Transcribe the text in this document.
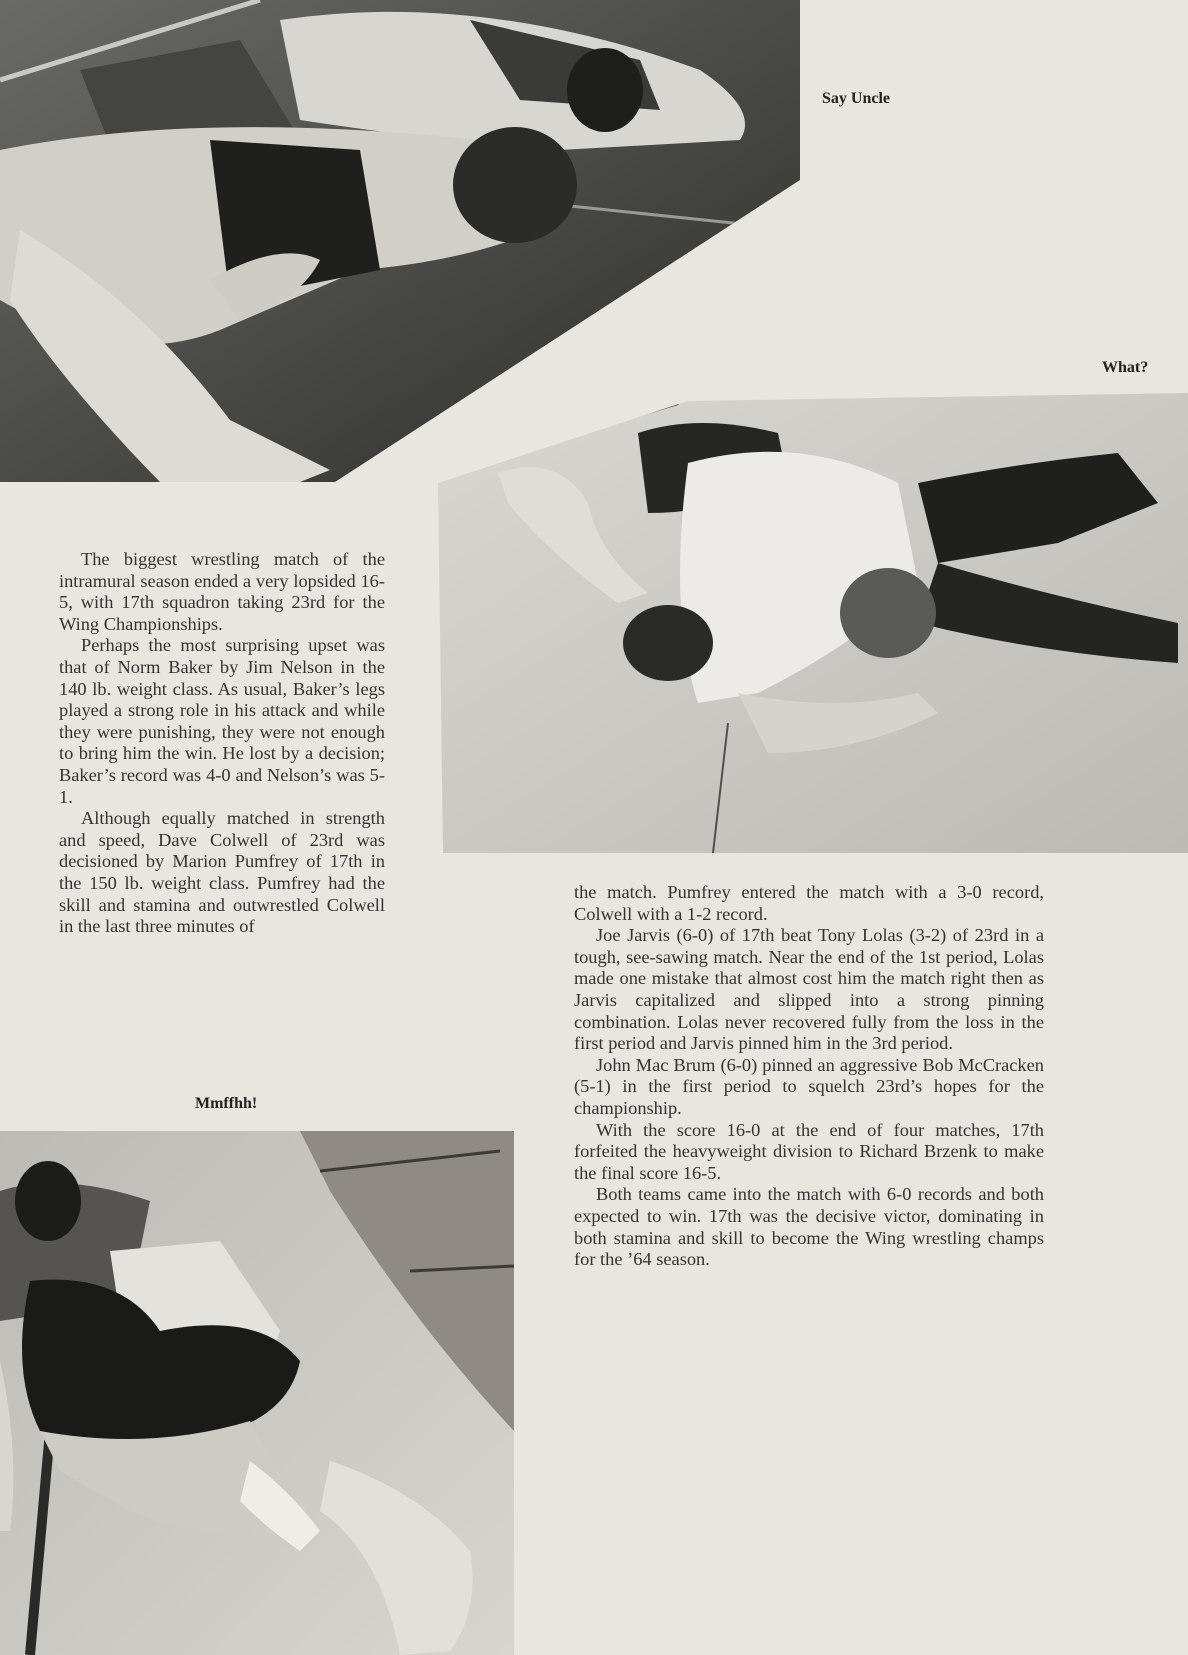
Say Uncle
What?

The biggest wrestling match of the intramural season ended a very lopsided 16-5, with 17th squadron taking 23rd for the Wing Championships.

Perhaps the most surprising upset was that of Norm Baker by Jim Nelson in the 140 lb. weight class. As usual, Baker’s legs played a strong role in his attack and while they were punishing, they were not enough to bring him the win. He lost by a decision; Baker’s record was 4-0 and Nelson’s was 5-1.

Although equally matched in strength and speed, Dave Colwell of 23rd was decisioned by Marion Pumfrey of 17th in the 150 lb. weight class. Pumfrey had the skill and stamina and outwrestled Colwell in the last three minutes of

the match. Pumfrey entered the match with a 3-0 record, Colwell with a 1-2 record.

Joe Jarvis (6-0) of 17th beat Tony Lolas (3-2) of 23rd in a tough, see-sawing match. Near the end of the 1st period, Lolas made one mistake that almost cost him the match right then as Jarvis capitalized and slipped into a strong pinning combination. Lolas never recovered fully from the loss in the first period and Jarvis pinned him in the 3rd period.

John Mac Brum (6-0) pinned an aggressive Bob McCracken (5-1) in the first period to squelch 23rd’s hopes for the championship.

With the score 16-0 at the end of four matches, 17th forfeited the heavyweight division to Richard Brzenk to make the final score 16-5.

Both teams came into the match with 6-0 records and both expected to win. 17th was the decisive victor, dominating in both stamina and skill to become the Wing wrestling champs for the ’64 season.

Mmffhh!
